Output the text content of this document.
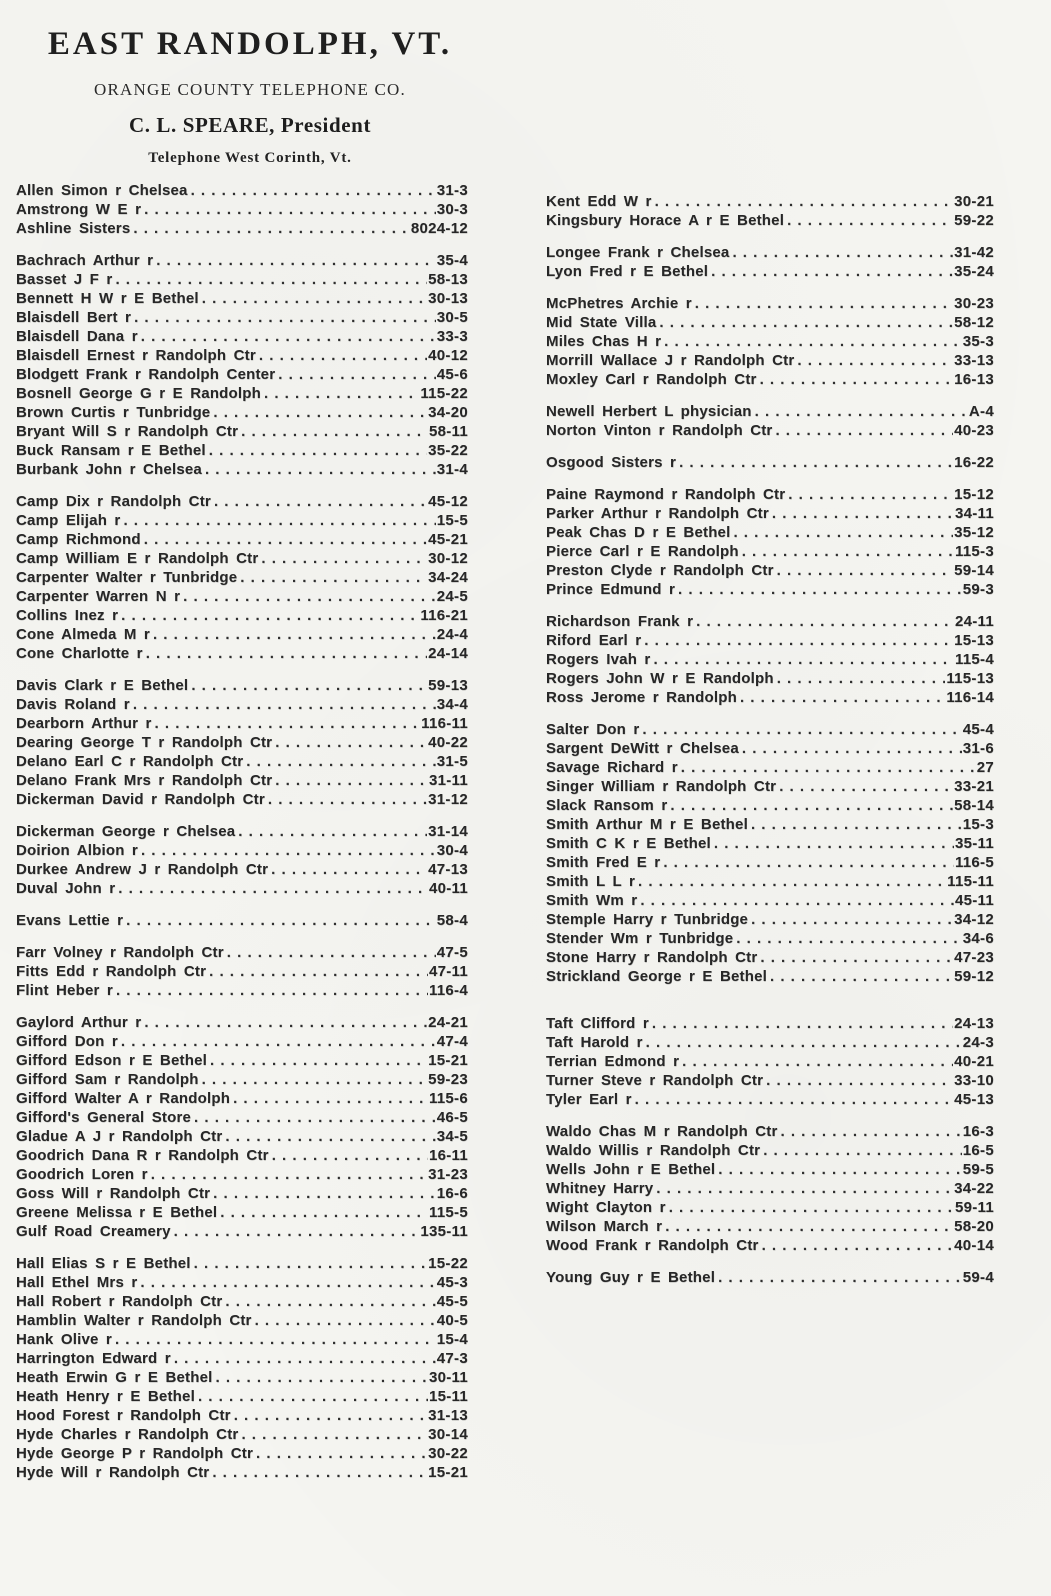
EAST RANDOLPH, VT.
ORANGE COUNTY TELEPHONE CO.
C. L. SPEARE, President
Telephone West Corinth, Vt.
Allen Simon r Chelsea . . .	31-3
Amstrong W E r . . .	30-3
Ashline Sisters . . .	8024-12
Bachrach Arthur r . . .	35-4
Basset J F r . . .	58-13
Bennett H W r E Bethel . . .	30-13
Blaisdell Bert r . . .	30-5
Blaisdell Dana r . . .	33-3
Blaisdell Ernest r Randolph Ctr . . .	40-12
Blodgett Frank r Randolph Center . . .	45-6
Bosnell George G r E Randolph . . .	115-22
Brown Curtis r Tunbridge . . .	34-20
Bryant Will S r Randolph Ctr . . .	58-11
Buck Ransam r E Bethel . . .	35-22
Burbank John r Chelsea . . .	31-4
Camp Dix r Randolph Ctr . . .	45-12
Camp Elijah r . . .	15-5
Camp Richmond . . .	45-21
Camp William E r Randolph Ctr . . .	30-12
Carpenter Walter r Tunbridge . . .	34-24
Carpenter Warren N r . . .	24-5
Collins Inez r . . .	116-21
Cone Almeda M r . . .	24-4
Cone Charlotte r . . .	24-14
Davis Clark r E Bethel . . .	59-13
Davis Roland r . . .	34-4
Dearborn Arthur r . . .	116-11
Dearing George T r Randolph Ctr . . .	40-22
Delano Earl C r Randolph Ctr . . .	31-5
Delano Frank Mrs r Randolph Ctr . . .	31-11
Dickerman David r Randolph Ctr . . .	31-12
Dickerman George r Chelsea . . .	31-14
Doirion Albion r . . .	30-4
Durkee Andrew J r Randolph Ctr . . .	47-13
Duval John r . . .	40-11
Evans Lettie r . . .	58-4
Farr Volney r Randolph Ctr . . .	47-5
Fitts Edd r Randolph Ctr . . .	47-11
Flint Heber r . . .	116-4
Gaylord Arthur r . . .	24-21
Gifford Don r . . .	47-4
Gifford Edson r E Bethel . . .	15-21
Gifford Sam r Randolph . . .	59-23
Gifford Walter A r Randolph . . .	115-6
Gifford's General Store . . .	46-5
Gladue A J r Randolph Ctr . . .	34-5
Goodrich Dana R r Randolph Ctr . . .	16-11
Goodrich Loren r . . .	31-23
Goss Will r Randolph Ctr . . .	16-6
Greene Melissa r E Bethel . . .	115-5
Gulf Road Creamery . . .	135-11
Hall Elias S r E Bethel . . .	15-22
Hall Ethel Mrs r . . .	45-3
Hall Robert r Randolph Ctr . . .	45-5
Hamblin Walter r Randolph Ctr . . .	40-5
Hank Olive r . . .	15-4
Harrington Edward r . . .	47-3
Heath Erwin G r E Bethel . . .	30-11
Heath Henry r E Bethel . . .	15-11
Hood Forest r Randolph Ctr . . .	31-13
Hyde Charles r Randolph Ctr . . .	30-14
Hyde George P r Randolph Ctr . . .	30-22
Hyde Will r Randolph Ctr . . .	15-21
Kent Edd W r . . .	30-21
Kingsbury Horace A r E Bethel . . .	59-22
Longee Frank r Chelsea . . .	31-42
Lyon Fred r E Bethel . . .	35-24
McPhetres Archie r . . .	30-23
Mid State Villa . . .	58-12
Miles Chas H r . . .	35-3
Morrill Wallace J r Randolph Ctr . . .	33-13
Moxley Carl r Randolph Ctr . . .	16-13
Newell Herbert L physician . . .	A-4
Norton Vinton r Randolph Ctr . . .	40-23
Osgood Sisters r . . .	16-22
Paine Raymond r Randolph Ctr . . .	15-12
Parker Arthur r Randolph Ctr . . .	34-11
Peak Chas D r E Bethel . . .	35-12
Pierce Carl r E Randolph . . .	115-3
Preston Clyde r Randolph Ctr . . .	59-14
Prince Edmund r . . .	59-3
Richardson Frank r . . .	24-11
Riford Earl r . . .	15-13
Rogers Ivah r . . .	115-4
Rogers John W r E Randolph . . .	115-13
Ross Jerome r Randolph . . .	116-14
Salter Don r . . .	45-4
Sargent DeWitt r Chelsea . . .	31-6
Savage Richard r . . .	27
Singer William r Randolph Ctr . . .	33-21
Slack Ransom r . . .	58-14
Smith Arthur M r E Bethel . . .	15-3
Smith C K r E Bethel . . .	35-11
Smith Fred E r . . .	116-5
Smith L L r . . .	115-11
Smith Wm r . . .	45-11
Stemple Harry r Tunbridge . . .	34-12
Stender Wm r Tunbridge . . .	34-6
Stone Harry r Randolph Ctr . . .	47-23
Strickland George r E Bethel . . .	59-12
Taft Clifford r . . .	24-13
Taft Harold r . . .	24-3
Terrian Edmond r . . .	40-21
Turner Steve r Randolph Ctr . . .	33-10
Tyler Earl r . . .	45-13
Waldo Chas M r Randolph Ctr . . .	16-3
Waldo Willis r Randolph Ctr . . .	16-5
Wells John r E Bethel . . .	59-5
Whitney Harry . . .	34-22
Wight Clayton r . . .	59-11
Wilson March r . . .	58-20
Wood Frank r Randolph Ctr . . .	40-14
Young Guy r E Bethel . . .	59-4
